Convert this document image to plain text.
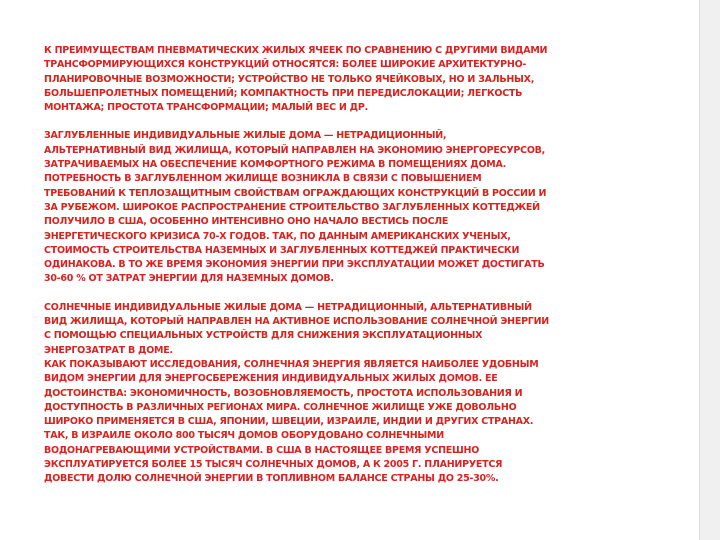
К ПРЕИМУЩЕСТВАМ ПНЕВМАТИЧЕСКИХ ЖИЛЫХ ЯЧЕЕК ПО СРАВНЕНИЮ С ДРУГИМИ ВИДАМИ
ТРАНСФОРМИРУЮЩИХСЯ КОНСТРУКЦИЙ ОТНОСЯТСЯ: БОЛЕЕ ШИРОКИЕ АРХИТЕКТУРНО-
ПЛАНИРОВОЧНЫЕ ВОЗМОЖНОСТИ; УСТРОЙСТВО НЕ ТОЛЬКО ЯЧЕЙКОВЫХ, НО И ЗАЛЬНЫХ,
БОЛЬШЕПРОЛЕТНЫХ ПОМЕЩЕНИЙ; КОМПАКТНОСТЬ ПРИ ПЕРЕДИСЛОКАЦИИ; ЛЕГКОСТЬ
МОНТАЖА; ПРОСТОТА ТРАНСФОРМАЦИИ; МАЛЫЙ ВЕС И ДР.

ЗАГЛУБЛЕННЫЕ ИНДИВИДУАЛЬНЫЕ ЖИЛЫЕ ДОМА — НЕТРАДИЦИОННЫЙ,
АЛЬТЕРНАТИВНЫЙ ВИД ЖИЛИЩА, КОТОРЫЙ НАПРАВЛЕН НА ЭКОНОМИЮ ЭНЕРГОРЕСУРСОВ,
ЗАТРАЧИВАЕМЫХ НА ОБЕСПЕЧЕНИЕ КОМФОРТНОГО РЕЖИМА В ПОМЕЩЕНИЯХ ДОМА.
ПОТРЕБНОСТЬ В ЗАГЛУБЛЕННОМ ЖИЛИЩЕ ВОЗНИКЛА В СВЯЗИ С ПОВЫШЕНИЕМ
ТРЕБОВАНИЙ К ТЕПЛОЗАЩИТНЫМ СВОЙСТВАМ ОГРАЖДАЮЩИХ КОНСТРУКЦИЙ В РОССИИ И
ЗА РУБЕЖОМ. ШИРОКОЕ РАСПРОСТРАНЕНИЕ СТРОИТЕЛЬСТВО ЗАГЛУБЛЕННЫХ КОТТЕДЖЕЙ
ПОЛУЧИЛО В США, ОСОБЕННО ИНТЕНСИВНО ОНО НАЧАЛО ВЕСТИСЬ ПОСЛЕ
ЭНЕРГЕТИЧЕСКОГО КРИЗИСА 70-Х ГОДОВ. ТАК, ПО ДАННЫМ АМЕРИКАНСКИХ УЧЕНЫХ,
СТОИМОСТЬ СТРОИТЕЛЬСТВА НАЗЕМНЫХ И ЗАГЛУБЛЕННЫХ КОТТЕДЖЕЙ ПРАКТИЧЕСКИ
ОДИНАКОВА. В ТО ЖЕ ВРЕМЯ ЭКОНОМИЯ ЭНЕРГИИ ПРИ ЭКСПЛУАТАЦИИ МОЖЕТ ДОСТИГАТЬ
30-60 % ОТ ЗАТРАТ ЭНЕРГИИ ДЛЯ НАЗЕМНЫХ ДОМОВ.

СОЛНЕЧНЫЕ ИНДИВИДУАЛЬНЫЕ ЖИЛЫЕ ДОМА — НЕТРАДИЦИОННЫЙ, АЛЬТЕРНАТИВНЫЙ
ВИД ЖИЛИЩА, КОТОРЫЙ НАПРАВЛЕН НА АКТИВНОЕ ИСПОЛЬЗОВАНИЕ СОЛНЕЧНОЙ ЭНЕРГИИ
С ПОМОЩЬЮ СПЕЦИАЛЬНЫХ УСТРОЙСТВ ДЛЯ СНИЖЕНИЯ ЭКСПЛУАТАЦИОННЫХ
ЭНЕРГОЗАТРАТ В ДОМЕ.
КАК ПОКАЗЫВАЮТ ИССЛЕДОВАНИЯ, СОЛНЕЧНАЯ ЭНЕРГИЯ ЯВЛЯЕТСЯ НАИБОЛЕЕ УДОБНЫМ
ВИДОМ ЭНЕРГИИ ДЛЯ ЭНЕРГОСБЕРЕЖЕНИЯ ИНДИВИДУАЛЬНЫХ ЖИЛЫХ ДОМОВ. ЕЕ
ДОСТОИНСТВА: ЭКОНОМИЧНОСТЬ, ВОЗОБНОВЛЯЕМОСТЬ, ПРОСТОТА ИСПОЛЬЗОВАНИЯ И
ДОСТУПНОСТЬ В РАЗЛИЧНЫХ РЕГИОНАХ МИРА. СОЛНЕЧНОЕ ЖИЛИЩЕ УЖЕ ДОВОЛЬНО
ШИРОКО ПРИМЕНЯЕТСЯ В США, ЯПОНИИ, ШВЕЦИИ, ИЗРАИЛЕ, ИНДИИ И ДРУГИХ СТРАНАХ.
ТАК, В ИЗРАИЛЕ ОКОЛО 800 ТЫСЯЧ ДОМОВ ОБОРУДОВАНО СОЛНЕЧНЫМИ
ВОДОНАГРЕВАЮЩИМИ УСТРОЙСТВАМИ. В США В НАСТОЯЩЕЕ ВРЕМЯ УСПЕШНО
ЭКСПЛУАТИРУЕТСЯ БОЛЕЕ 15 ТЫСЯЧ СОЛНЕЧНЫХ ДОМОВ, А К 2005 Г. ПЛАНИРУЕТСЯ
ДОВЕСТИ ДОЛЮ СОЛНЕЧНОЙ ЭНЕРГИИ В ТОПЛИВНОМ БАЛАНСЕ СТРАНЫ ДО 25-30%.
